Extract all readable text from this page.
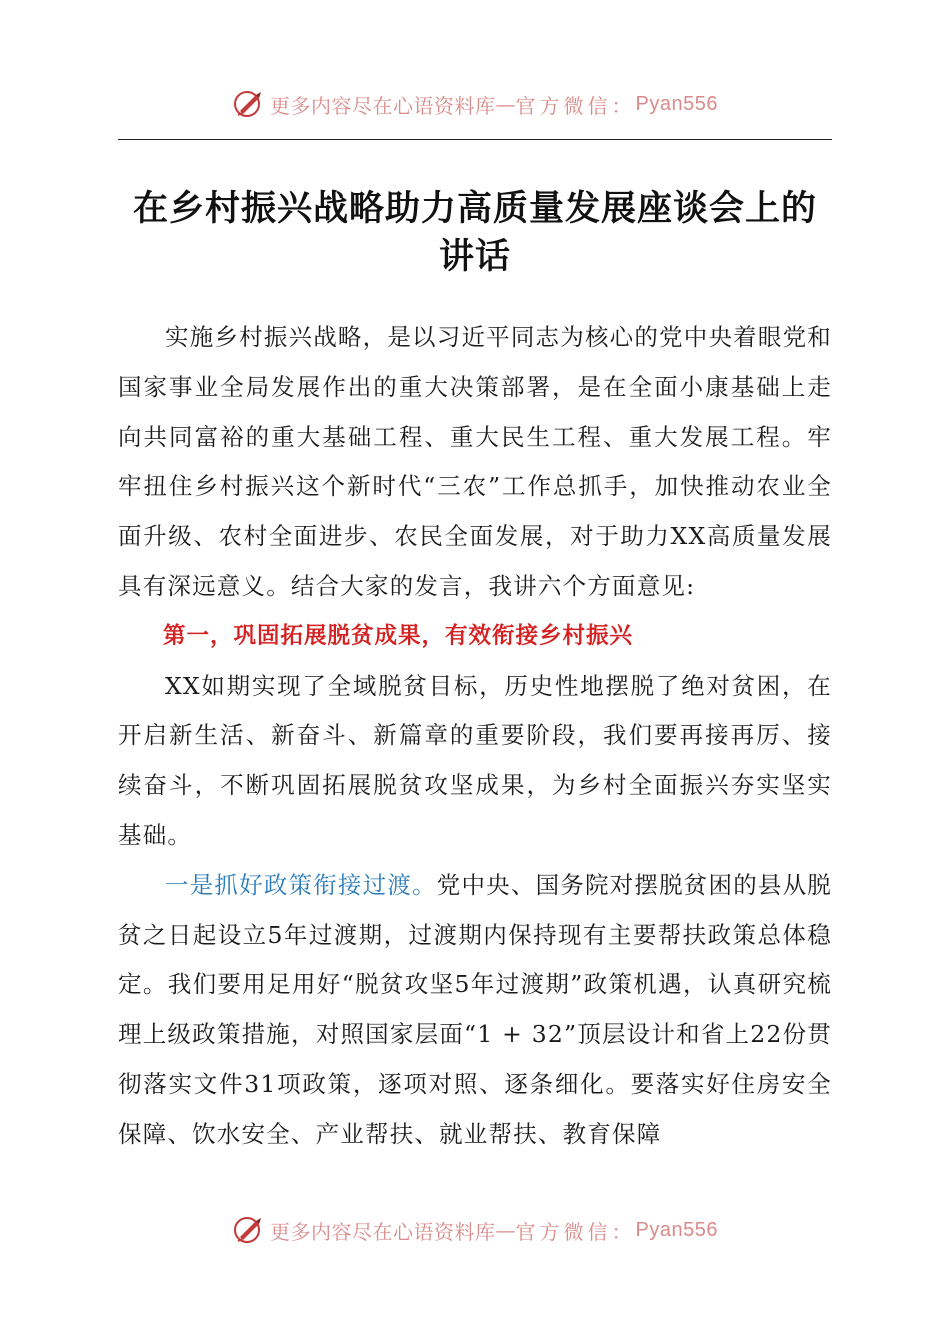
更多内容尽在心语资料库 — 官方微信： Pyan556
在乡村振兴战略助力高质量发展座谈会上的讲话

实施乡村振兴战略，是以习近平同志为核心的党中央着眼党和国家事业全局发展作出的重大决策部署，是在全面小康基础上走向共同富裕的重大基础工程、重大民生工程、重大发展工程。牢牢扭住乡村振兴这个新时代“三农”工作总抓手，加快推动农业全面升级、农村全面进步、农民全面发展，对于助力XX高质量发展具有深远意义。结合大家的发言，我讲六个方面意见:

第一，巩固拓展脱贫成果，有效衔接乡村振兴

XX如期实现了全域脱贫目标，历史性地摆脱了绝对贫困，在开启新生活、新奋斗、新篇章的重要阶段，我们要再接再厉、接续奋斗，不断巩固拓展脱贫攻坚成果，为乡村全面振兴夯实坚实基础。

一是抓好政策衔接过渡。党中央、国务院对摆脱贫困的县从脱贫之日起设立5年过渡期，过渡期内保持现有主要帮扶政策总体稳定。我们要用足用好“脱贫攻坚5年过渡期”政策机遇，认真研究梳理上级政策措施，对照国家层面“1 + 32”顶层设计和省上22份贯彻落实文件31项政策，逐项对照、逐条细化。要落实好住房安全保障、饮水安全、产业帮扶、就业帮扶、教育保障

更多内容尽在心语资料库 — 官方微信： Pyan556
